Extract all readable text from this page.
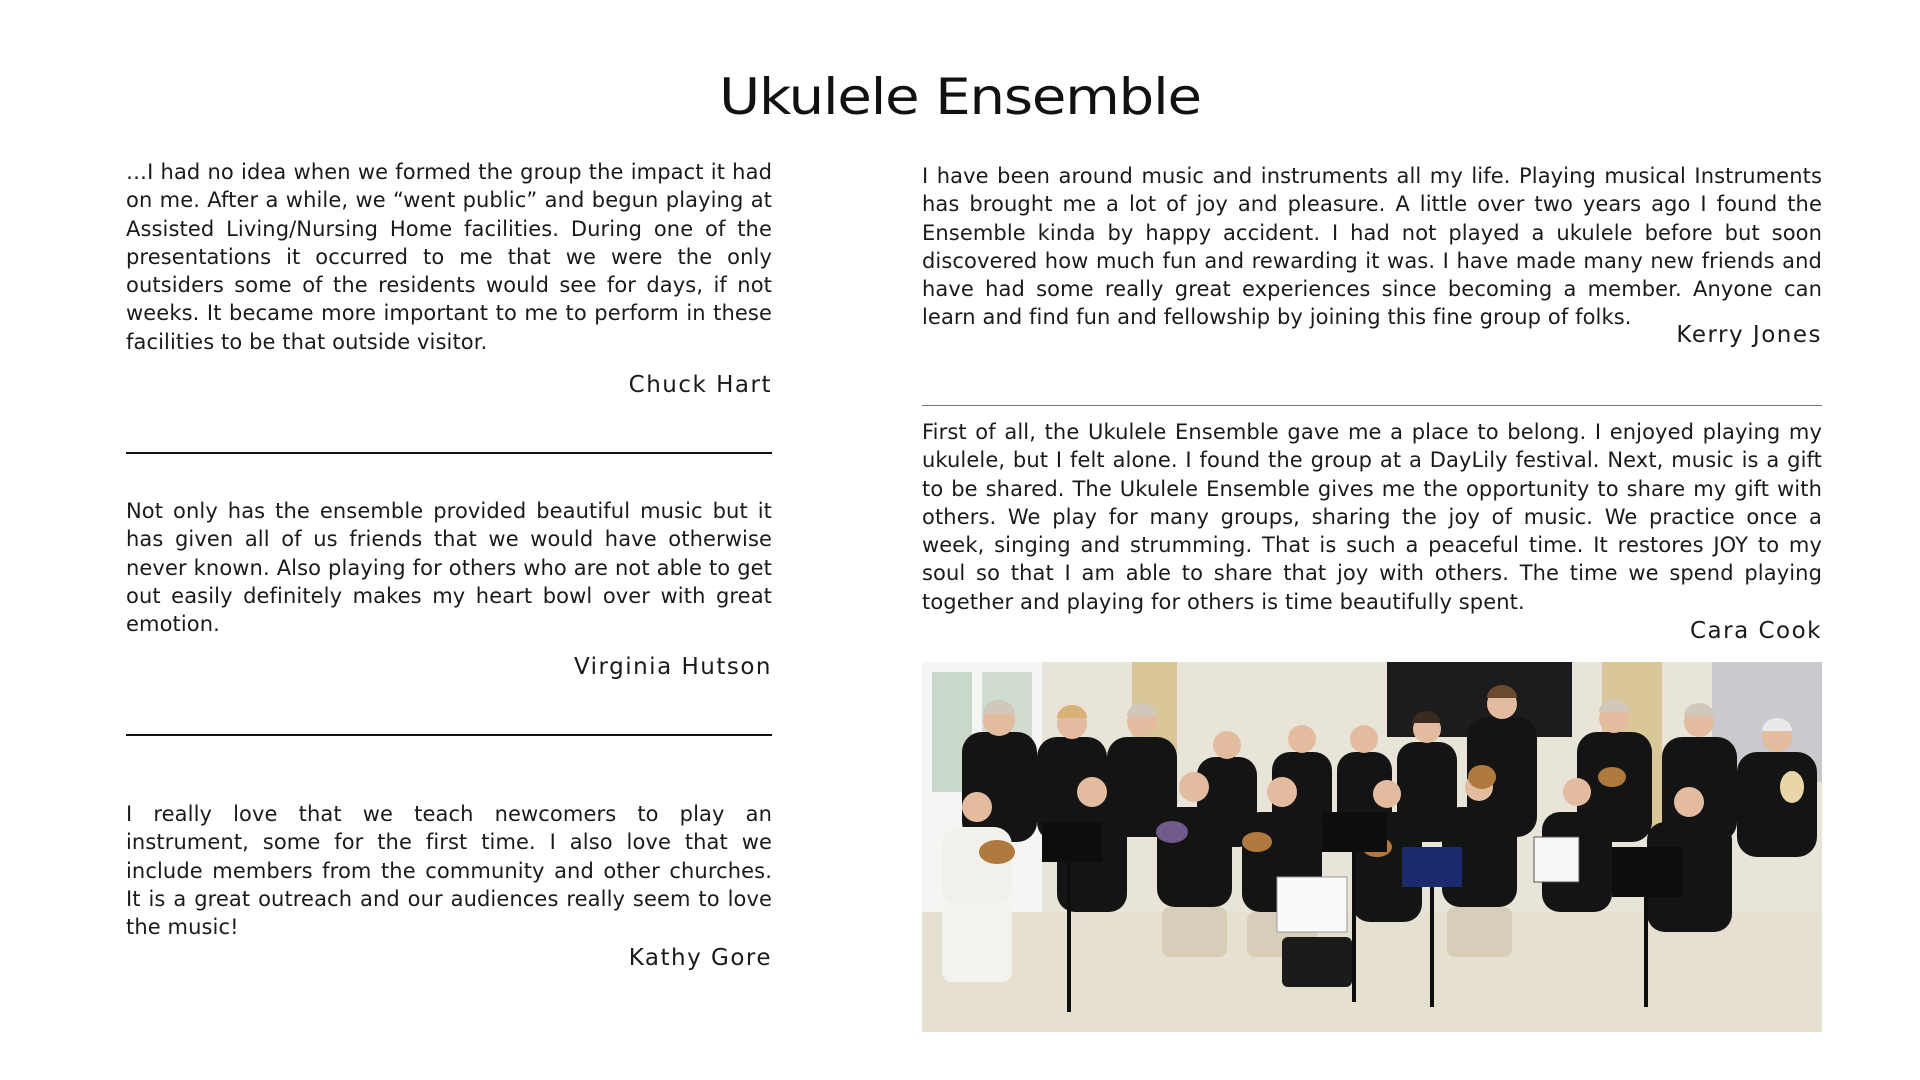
Ukulele Ensemble

…I had no idea when we formed the group the impact it had on me. After a while, we “went public” and begun playing at Assisted Living/Nursing Home facilities. During one of the presentations it occurred to me that we were the only outsiders some of the residents would see for days, if not weeks. It became more important to me to perform in these facilities to be that outside visitor.

Chuck Hart

Not only has the ensemble provided beautiful music but it has given all of us friends that we would have otherwise never known. Also playing for others who are not able to get out easily definitely makes my heart bowl over with great emotion.

Virginia Hutson

I really love that we teach newcomers to play an instrument, some for the first time. I also love that we include members from the community and other churches. It is a great outreach and our audiences really seem to love the music!

Kathy Gore

I have been around music and instruments all my life. Playing musical Instruments has brought me a lot of joy and pleasure. A little over two years ago I found the Ensemble kinda by happy accident. I had not played a ukulele before but soon discovered how much fun and rewarding it was. I have made many new friends and have had some really great experiences since becoming a member. Anyone can learn and find fun and fellowship by joining this fine group of folks.

Kerry Jones

First of all, the Ukulele Ensemble gave me a place to belong. I enjoyed playing my ukulele, but I felt alone. I found the group at a DayLily festival. Next, music is a gift to be shared. The Ukulele Ensemble gives me the opportunity to share my gift with others. We play for many groups, sharing the joy of music. We practice once a week, singing and strumming. That is such a peaceful time. It restores JOY to my soul so that I am able to share that joy with others. The time we spend playing together and playing for others is time beautifully spent.

Cara Cook
